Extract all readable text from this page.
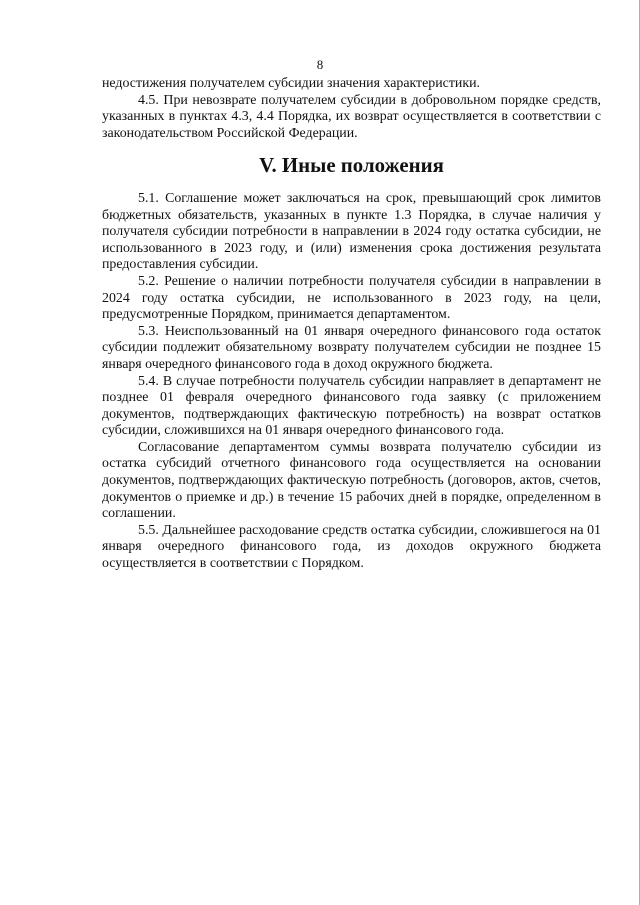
8

недостижения получателем субсидии значения характеристики.

4.5. При невозврате получателем субсидии в добровольном порядке средств, указанных в пунктах 4.3, 4.4 Порядка, их возврат осуществляется в соответствии с законодательством Российской Федерации.

V. Иные положения

5.1. Соглашение может заключаться на срок, превышающий срок лимитов бюджетных обязательств, указанных в пункте 1.3 Порядка, в случае наличия у получателя субсидии потребности в направлении в 2024 году остатка субсидии, не использованного в 2023 году, и (или) изменения срока достижения результата предоставления субсидии.

5.2. Решение о наличии потребности получателя субсидии в направлении в 2024 году остатка субсидии, не использованного в 2023 году, на цели, предусмотренные Порядком, принимается департаментом.

5.3. Неиспользованный на 01 января очередного финансового года остаток субсидии подлежит обязательному возврату получателем субсидии не позднее 15 января очередного финансового года в доход окружного бюджета.

5.4. В случае потребности получатель субсидии направляет в департамент не позднее 01 февраля очередного финансового года заявку (с приложением документов, подтверждающих фактическую потребность) на возврат остатков субсидии, сложившихся на 01 января очередного финансового года.

Согласование департаментом суммы возврата получателю субсидии из остатка субсидий отчетного финансового года осуществляется на основании документов, подтверждающих фактическую потребность (договоров, актов, счетов, документов о приемке и др.) в течение 15 рабочих дней в порядке, определенном в соглашении.

5.5. Дальнейшее расходование средств остатка субсидии, сложившегося на 01 января очередного финансового года, из доходов окружного бюджета осуществляется в соответствии с Порядком.
